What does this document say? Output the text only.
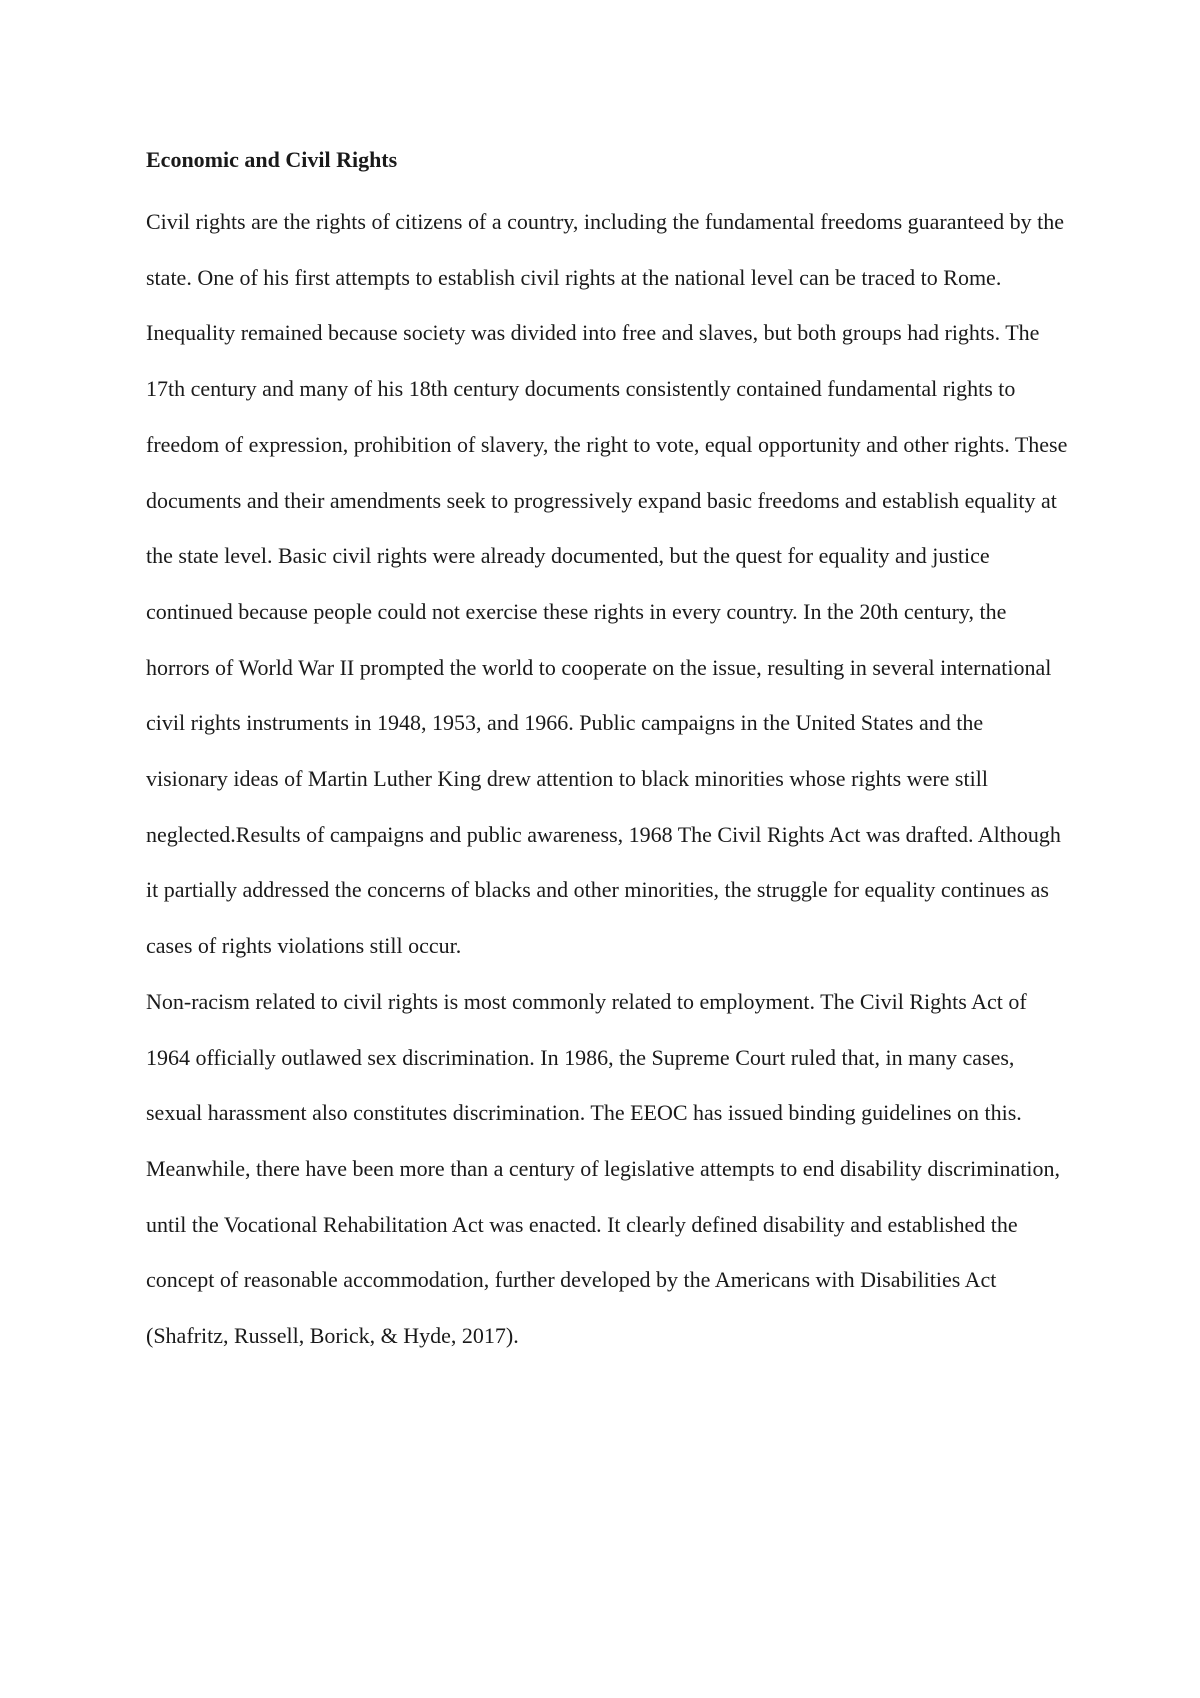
Economic and Civil Rights

Civil rights are the rights of citizens of a country, including the fundamental freedoms guaranteed by the state. One of his first attempts to establish civil rights at the national level can be traced to Rome. Inequality remained because society was divided into free and slaves, but both groups had rights. The 17th century and many of his 18th century documents consistently contained fundamental rights to freedom of expression, prohibition of slavery, the right to vote, equal opportunity and other rights. These documents and their amendments seek to progressively expand basic freedoms and establish equality at the state level. Basic civil rights were already documented, but the quest for equality and justice continued because people could not exercise these rights in every country. In the 20th century, the horrors of World War II prompted the world to cooperate on the issue, resulting in several international civil rights instruments in 1948, 1953, and 1966. Public campaigns in the United States and the visionary ideas of Martin Luther King drew attention to black minorities whose rights were still neglected.Results of campaigns and public awareness, 1968 The Civil Rights Act was drafted. Although it partially addressed the concerns of blacks and other minorities, the struggle for equality continues as cases of rights violations still occur.

Non-racism related to civil rights is most commonly related to employment. The Civil Rights Act of 1964 officially outlawed sex discrimination. In 1986, the Supreme Court ruled that, in many cases, sexual harassment also constitutes discrimination. The EEOC has issued binding guidelines on this. Meanwhile, there have been more than a century of legislative attempts to end disability discrimination, until the Vocational Rehabilitation Act was enacted. It clearly defined disability and established the concept of reasonable accommodation, further developed by the Americans with Disabilities Act (Shafritz, Russell, Borick, & Hyde, 2017).
